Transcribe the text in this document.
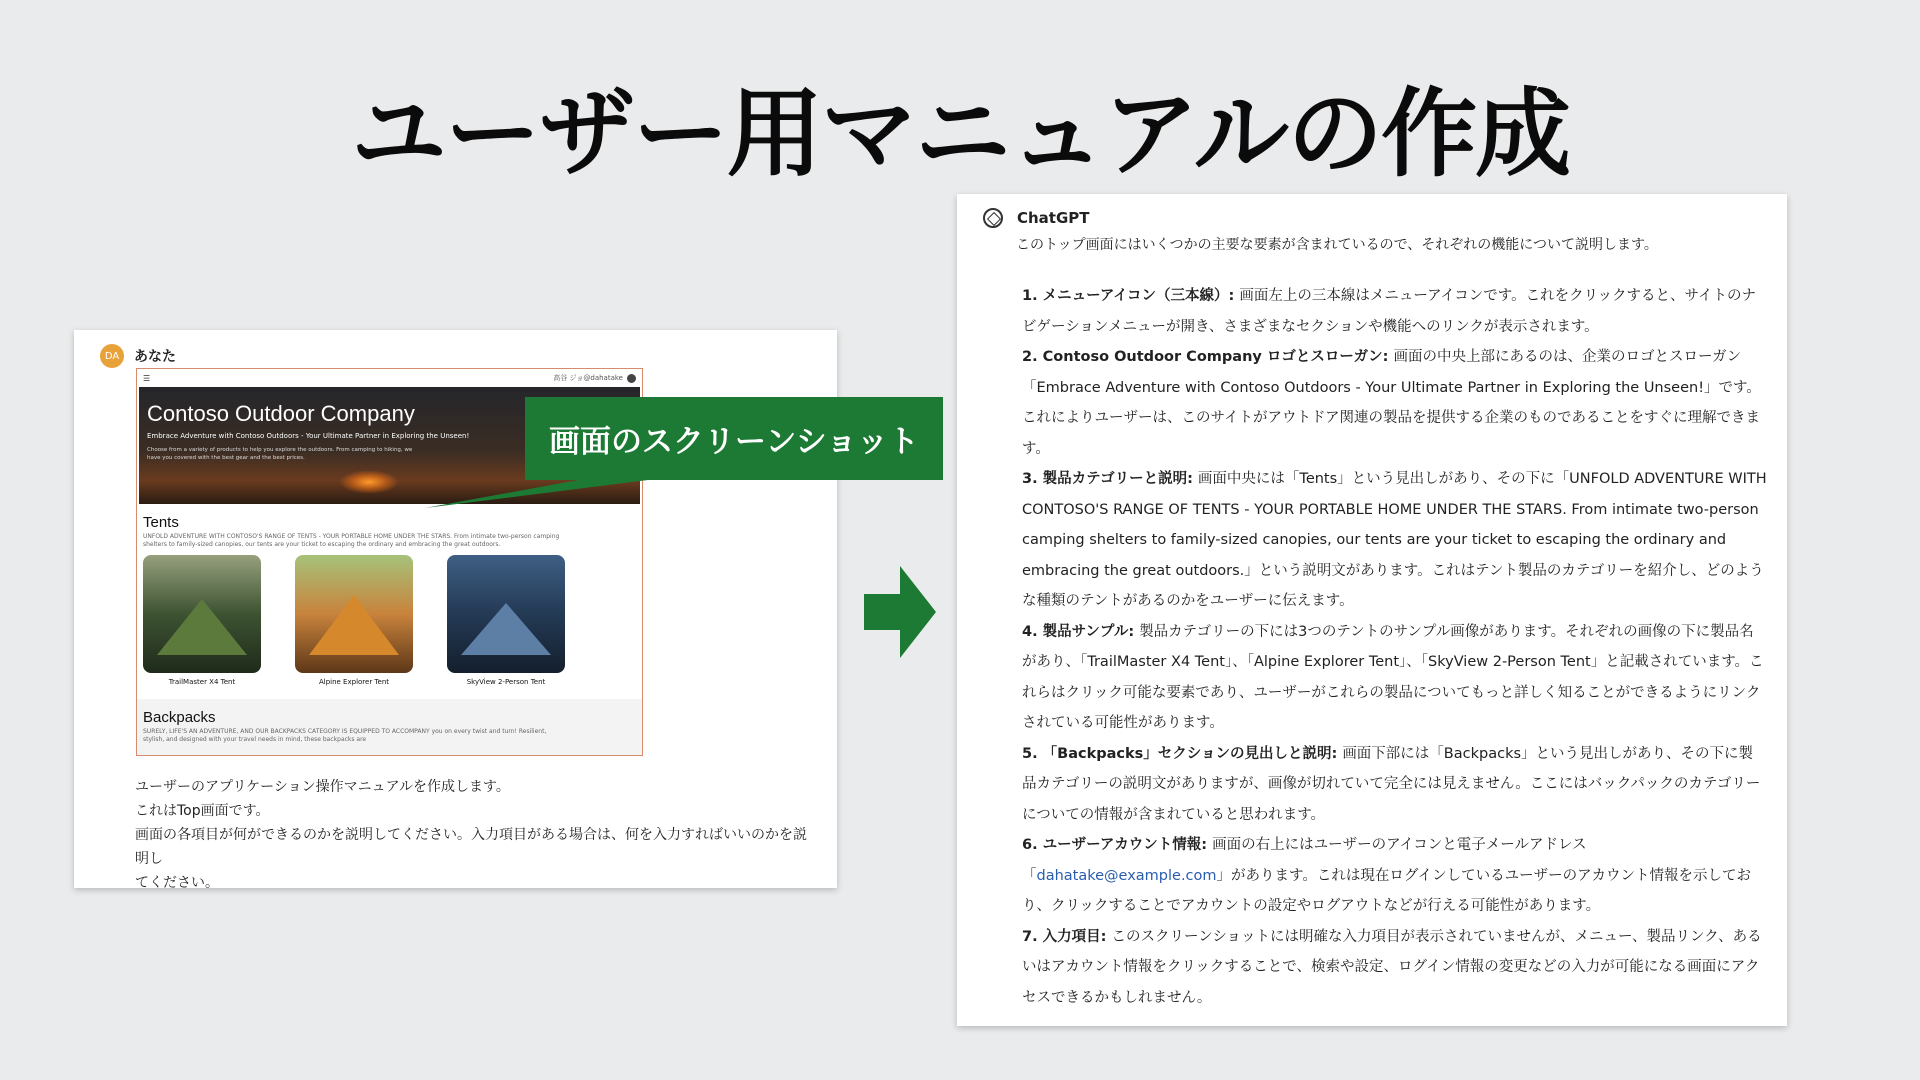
ユーザー用マニュアルの作成
DA	あなた
☰	高谷 ジョ@dahatake
Contoso Outdoor Company
Embrace Adventure with Contoso Outdoors - Your Ultimate Partner in Exploring the Unseen!
Choose from a variety of products to help you explore the outdoors. From camping to hiking, we have you covered with the best gear and the best prices.
Tents
UNFOLD ADVENTURE WITH CONTOSO'S RANGE OF TENTS - YOUR PORTABLE HOME UNDER THE STARS. From intimate two-person camping shelters to family-sized canopies, our tents are your ticket to escaping the ordinary and embracing the great outdoors.
TrailMaster X4 Tent	Alpine Explorer Tent	SkyView 2-Person Tent
Backpacks
SURELY, LIFE'S AN ADVENTURE, AND OUR BACKPACKS CATEGORY IS EQUIPPED TO ACCOMPANY you on every twist and turn! Resilient, stylish, and designed with your travel needs in mind, these backpacks are
ユーザーのアプリケーション操作マニュアルを作成します。
これはTop画面です。
画面の各項目が何ができるのかを説明してください。入力項目がある場合は、何を入力すればいいのかを説明し
てください。
画面のスクリーンショット
ChatGPT
このトップ画面にはいくつかの主要な要素が含まれているので、それぞれの機能について説明します。
1. メニューアイコン（三本線）: 画面左上の三本線はメニューアイコンです。これをクリックすると、サイトのナビゲーションメニューが開き、さまざまなセクションや機能へのリンクが表示されます。
2. Contoso Outdoor Company ロゴとスローガン: 画面の中央上部にあるのは、企業のロゴとスローガン「Embrace Adventure with Contoso Outdoors - Your Ultimate Partner in Exploring the Unseen!」です。これによりユーザーは、このサイトがアウトドア関連の製品を提供する企業のものであることをすぐに理解できます。
3. 製品カテゴリーと説明: 画面中央には「Tents」という見出しがあり、その下に「UNFOLD ADVENTURE WITH CONTOSO'S RANGE OF TENTS - YOUR PORTABLE HOME UNDER THE STARS. From intimate two-person camping shelters to family-sized canopies, our tents are your ticket to escaping the ordinary and embracing the great outdoors.」という説明文があります。これはテント製品のカテゴリーを紹介し、どのような種類のテントがあるのかをユーザーに伝えます。
4. 製品サンプル: 製品カテゴリーの下には3つのテントのサンプル画像があります。それぞれの画像の下に製品名があり、「TrailMaster X4 Tent」、「Alpine Explorer Tent」、「SkyView 2-Person Tent」と記載されています。これらはクリック可能な要素であり、ユーザーがこれらの製品についてもっと詳しく知ることができるようにリンクされている可能性があります。
5. 「Backpacks」セクションの見出しと説明: 画面下部には「Backpacks」という見出しがあり、その下に製品カテゴリーの説明文がありますが、画像が切れていて完全には見えません。ここにはバックパックのカテゴリーについての情報が含まれていると思われます。
6. ユーザーアカウント情報: 画面の右上にはユーザーのアイコンと電子メールアドレス「dahatake@example.com」があります。これは現在ログインしているユーザーのアカウント情報を示しており、クリックすることでアカウントの設定やログアウトなどが行える可能性があります。
7. 入力項目: このスクリーンショットには明確な入力項目が表示されていませんが、メニュー、製品リンク、あるいはアカウント情報をクリックすることで、検索や設定、ログイン情報の変更などの入力が可能になる画面にアクセスできるかもしれません。
